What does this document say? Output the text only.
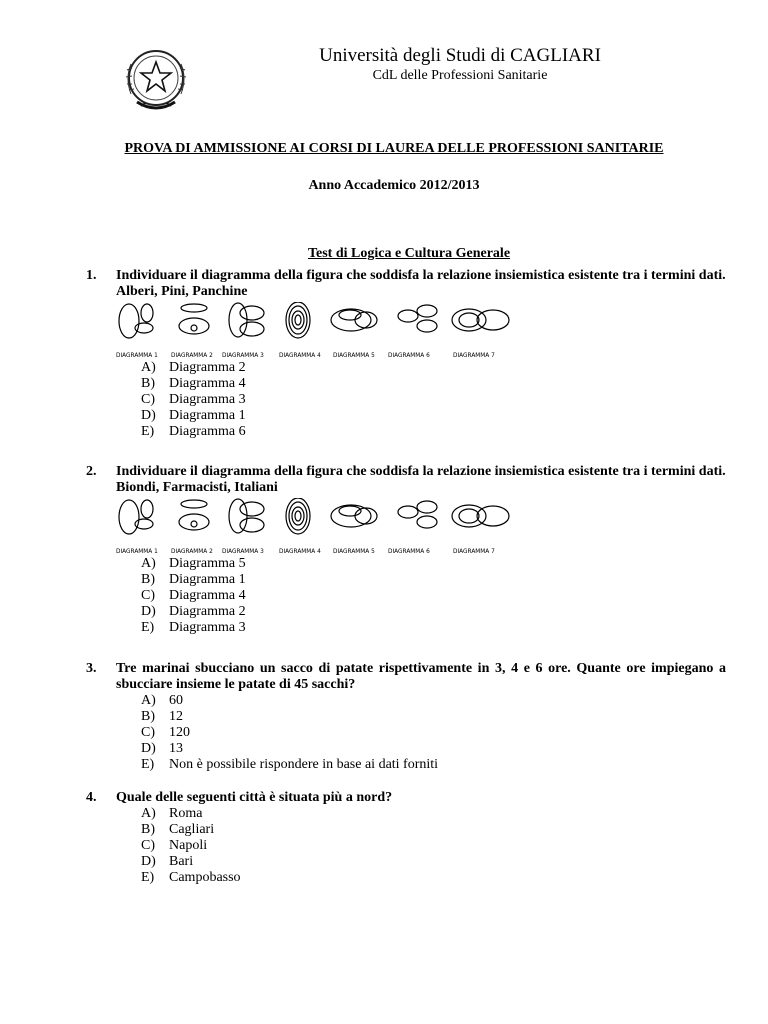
Università degli Studi di CAGLIARI
CdL delle Professioni Sanitarie
PROVA DI AMMISSIONE AI CORSI DI LAUREA DELLE PROFESSIONI SANITARIE
Anno Accademico 2012/2013
Test di Logica e Cultura Generale
1. Individuare il diagramma della figura che soddisfa la relazione insiemistica esistente tra i termini dati.
Alberi, Pini, Panchine
DIAGRAMMA 1 DIAGRAMMA 2 DIAGRAMMA 3	DIAGRAMMA 4 DIAGRAMMA 5 DIAGRAMMA 6	DIAGRAMMA 7
A) Diagramma 2
B)	Diagramma 4
C)	Diagramma 3
D) Diagramma 1
E)	Diagramma 6
2. Individuare il diagramma della figura che soddisfa la relazione insiemistica esistente tra i termini dati.
Biondi, Farmacisti, Italiani
DIAGRAMMA 1 DIAGRAMMA 2 DIAGRAMMA 3	DIAGRAMMA 4 DIAGRAMMA 5 DIAGRAMMA 6	DIAGRAMMA 7
A) Diagramma 5
B)	Diagramma 1
C)	Diagramma 4
D) Diagramma 2
E)	Diagramma 3
3. Tre marinai sbucciano un sacco di patate rispettivamente in 3, 4 e 6 ore. Quante ore impiegano a sbucciare insieme le patate di 45 sacchi?
A) 60
B)	12
C)	120
D) 13
E)	Non è possibile rispondere in base ai dati forniti
4. Quale delle seguenti città è situata più a nord?
A) Roma
B)	Cagliari
C)	Napoli
D) Bari
E)	Campobasso
